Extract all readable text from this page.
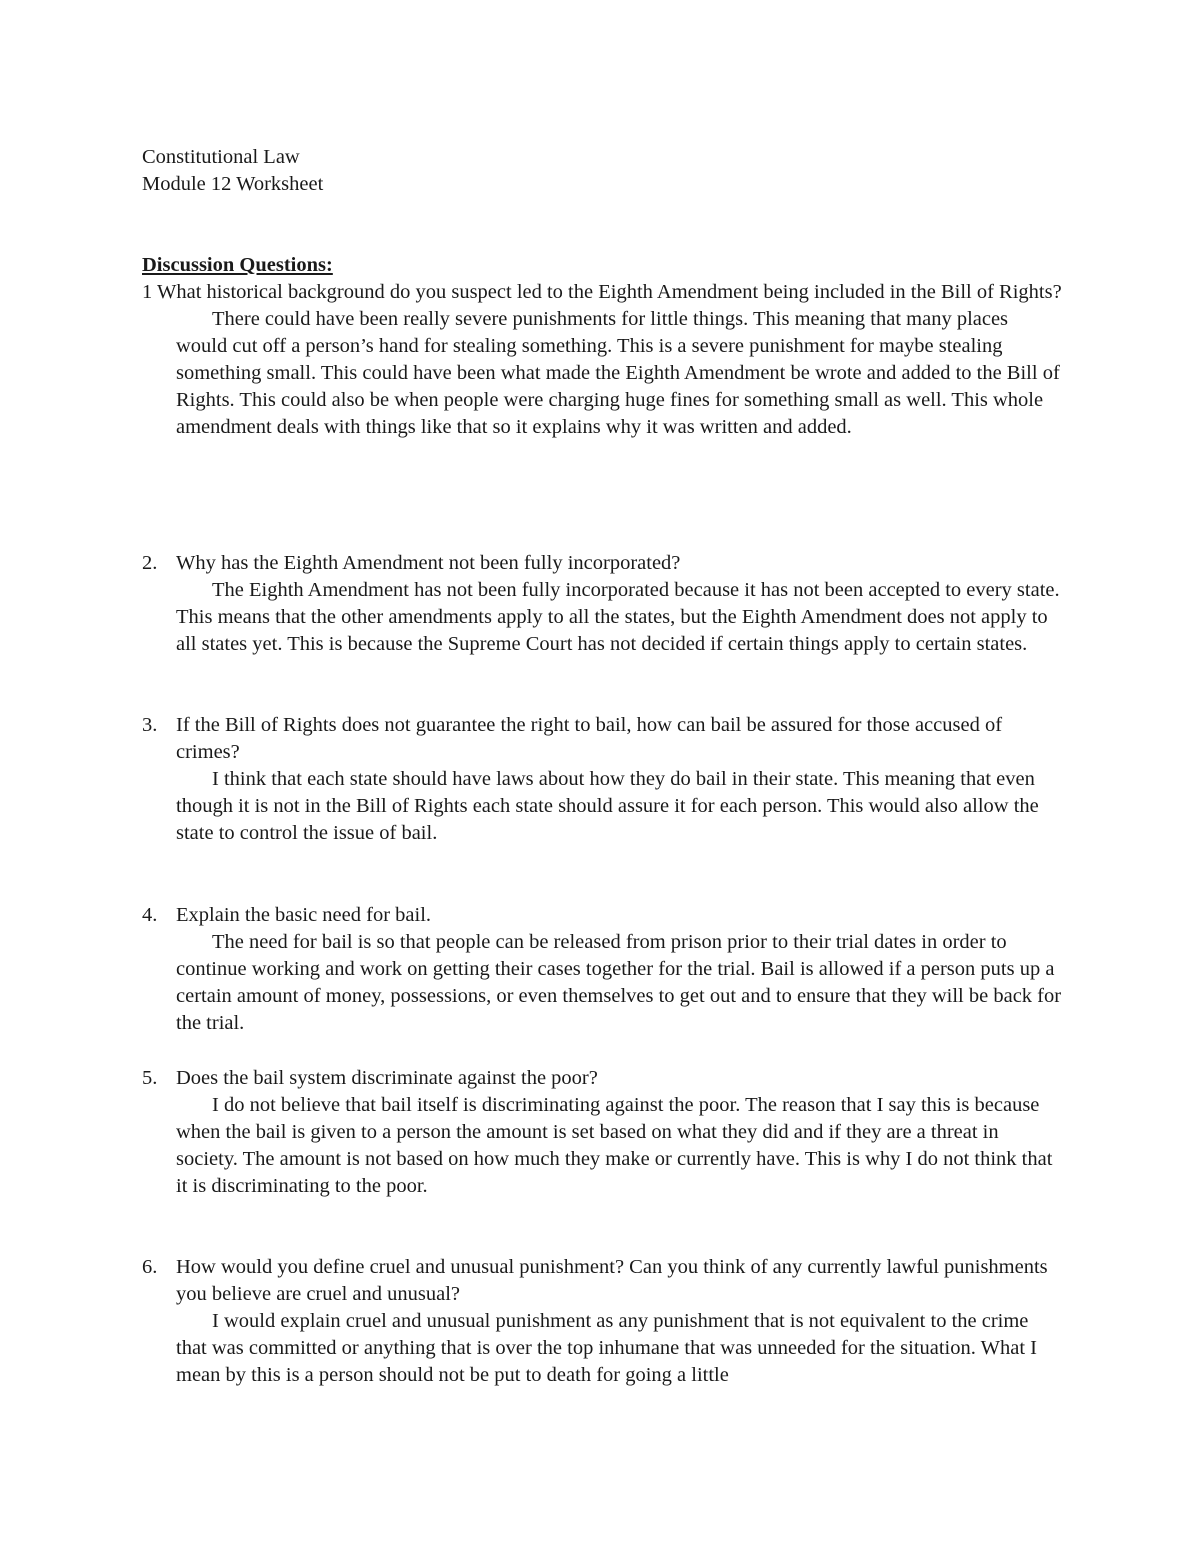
Constitutional Law
Module 12 Worksheet
Discussion Questions:
1 What historical background do you suspect led to the Eighth Amendment being included in the Bill of Rights?
There could have been really severe punishments for little things. This meaning that many places would cut off a person’s hand for stealing something. This is a severe punishment for maybe stealing something small. This could have been what made the Eighth Amendment be wrote and added to the Bill of Rights. This could also be when people were charging huge fines for something small as well. This whole amendment deals with things like that so it explains why it was written and added.
2. Why has the Eighth Amendment not been fully incorporated?
The Eighth Amendment has not been fully incorporated because it has not been accepted to every state. This means that the other amendments apply to all the states, but the Eighth Amendment does not apply to all states yet. This is because the Supreme Court has not decided if certain things apply to certain states.
3. If the Bill of Rights does not guarantee the right to bail, how can bail be assured for those accused of crimes?
I think that each state should have laws about how they do bail in their state. This meaning that even though it is not in the Bill of Rights each state should assure it for each person. This would also allow the state to control the issue of bail.
4. Explain the basic need for bail.
The need for bail is so that people can be released from prison prior to their trial dates in order to continue working and work on getting their cases together for the trial. Bail is allowed if a person puts up a certain amount of money, possessions, or even themselves to get out and to ensure that they will be back for the trial.
5. Does the bail system discriminate against the poor?
I do not believe that bail itself is discriminating against the poor. The reason that I say this is because when the bail is given to a person the amount is set based on what they did and if they are a threat in society. The amount is not based on how much they make or currently have. This is why I do not think that it is discriminating to the poor.
6. How would you define cruel and unusual punishment? Can you think of any currently lawful punishments you believe are cruel and unusual?
I would explain cruel and unusual punishment as any punishment that is not equivalent to the crime that was committed or anything that is over the top inhumane that was unneeded for the situation. What I mean by this is a person should not be put to death for going a little
